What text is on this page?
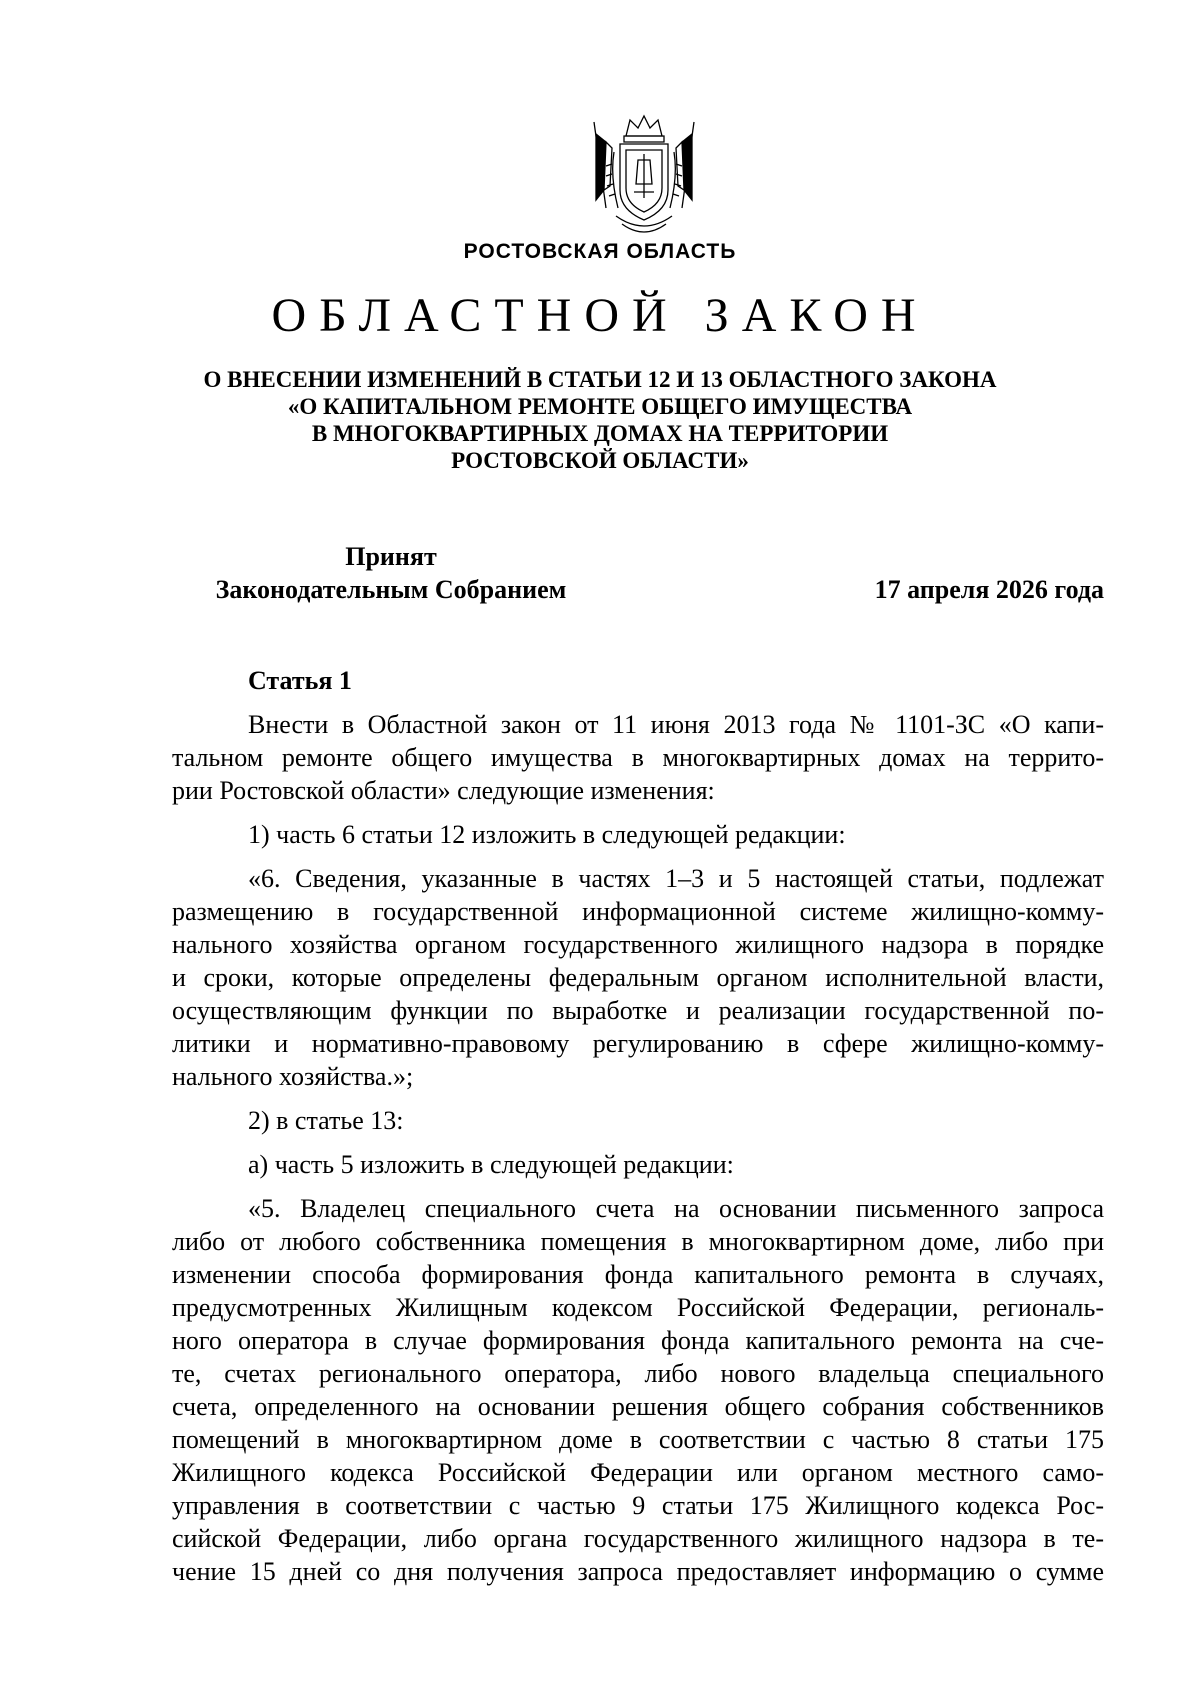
РОСТОВСКАЯ ОБЛАСТЬ
ОБЛАСТНОЙ ЗАКОН
О ВНЕСЕНИИ ИЗМЕНЕНИЙ В СТАТЬИ 12 И 13 ОБЛАСТНОГО ЗАКОНА
«О КАПИТАЛЬНОМ РЕМОНТЕ ОБЩЕГО ИМУЩЕСТВА
В МНОГОКВАРТИРНЫХ ДОМАХ НА ТЕРРИТОРИИ
РОСТОВСКОЙ ОБЛАСТИ»
Принят
Законодательным Собранием	17 апреля 2026 года
Статья 1
Внести в Областной закон от 11 июня 2013 года № 1101-ЗС «О капи-
тальном ремонте общего имущества в многоквартирных домах на террито-
рии Ростовской области» следующие изменения:
1) часть 6 статьи 12 изложить в следующей редакции:
«6. Сведения, указанные в частях 1–3 и 5 настоящей статьи, подлежат
размещению в государственной информационной системе жилищно-комму-
нального хозяйства органом государственного жилищного надзора в порядке
и сроки, которые определены федеральным органом исполнительной власти,
осуществляющим функции по выработке и реализации государственной по-
литики и нормативно-правовому регулированию в сфере жилищно-комму-
нального хозяйства.»;
2) в статье 13:
а) часть 5 изложить в следующей редакции:
«5. Владелец специального счета на основании письменного запроса
либо от любого собственника помещения в многоквартирном доме, либо при
изменении способа формирования фонда капитального ремонта в случаях,
предусмотренных Жилищным кодексом Российской Федерации, региональ-
ного оператора в случае формирования фонда капитального ремонта на сче-
те, счетах регионального оператора, либо нового владельца специального
счета, определенного на основании решения общего собрания собственников
помещений в многоквартирном доме в соответствии с частью 8 статьи 175
Жилищного кодекса Российской Федерации или органом местного само-
управления в соответствии с частью 9 статьи 175 Жилищного кодекса Рос-
сийской Федерации, либо органа государственного жилищного надзора в те-
чение 15 дней со дня получения запроса предоставляет информацию о сумме
